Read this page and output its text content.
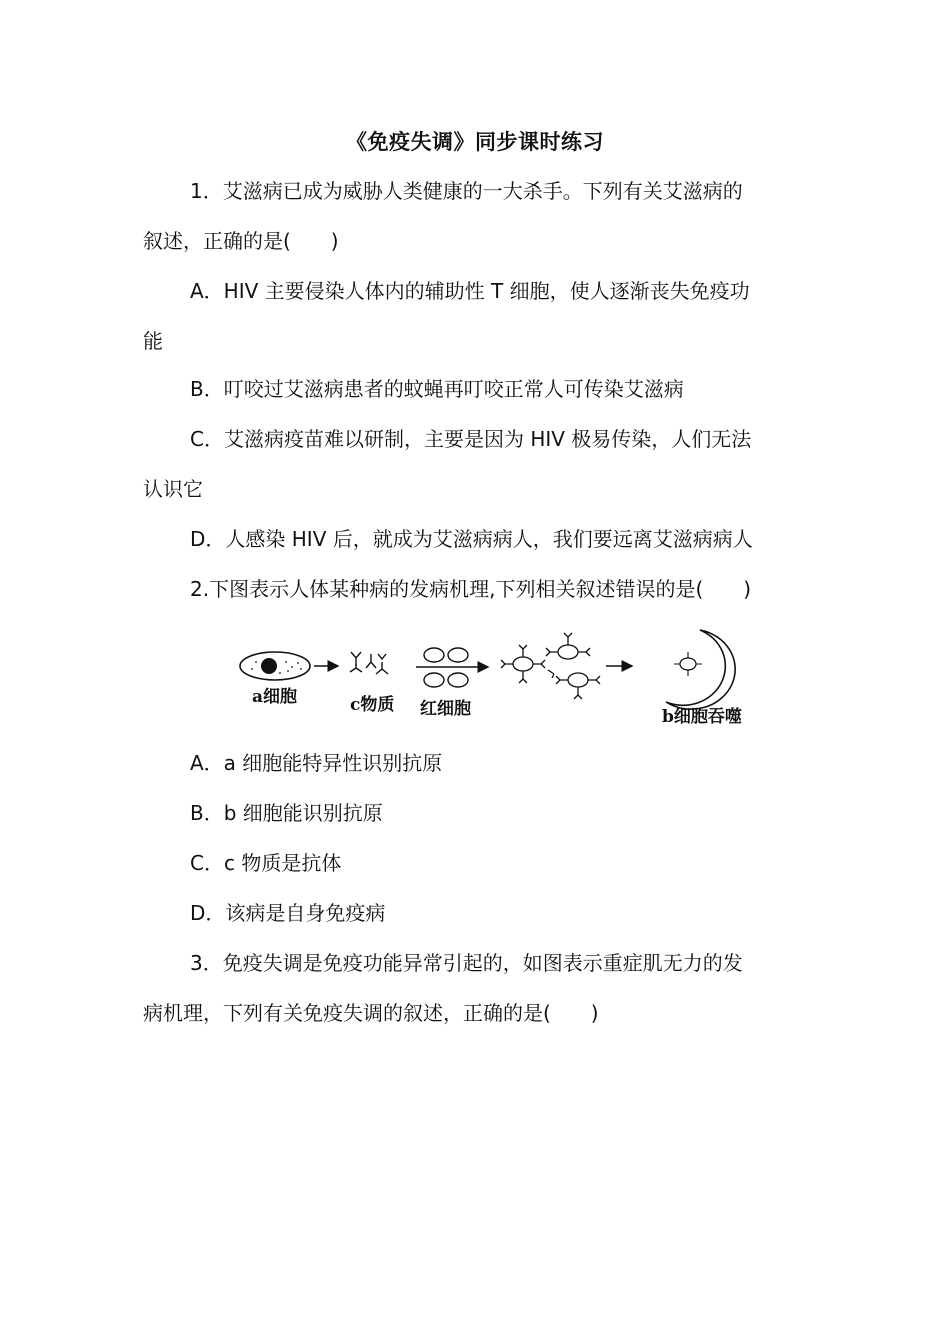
《免疫失调》同步课时练习
1．艾滋病已成为威胁人类健康的一大杀手。下列有关艾滋病的
叙述，正确的是(　　)
A．HIV 主要侵染人体内的辅助性 T 细胞，使人逐渐丧失免疫功
能
B．叮咬过艾滋病患者的蚊蝇再叮咬正常人可传染艾滋病
C．艾滋病疫苗难以研制，主要是因为 HIV 极易传染，人们无法
认识它
D．人感染 HIV 后，就成为艾滋病病人，我们要远离艾滋病病人
2.下图表示人体某种病的发病机理,下列相关叙述错误的是(　　)
a细胞	c物质 红细胞	b细胞吞噬
A．a 细胞能特异性识别抗原
B．b 细胞能识别抗原
C．c 物质是抗体
D．该病是自身免疫病
3．免疫失调是免疫功能异常引起的，如图表示重症肌无力的发
病机理，下列有关免疫失调的叙述，正确的是(　　)
